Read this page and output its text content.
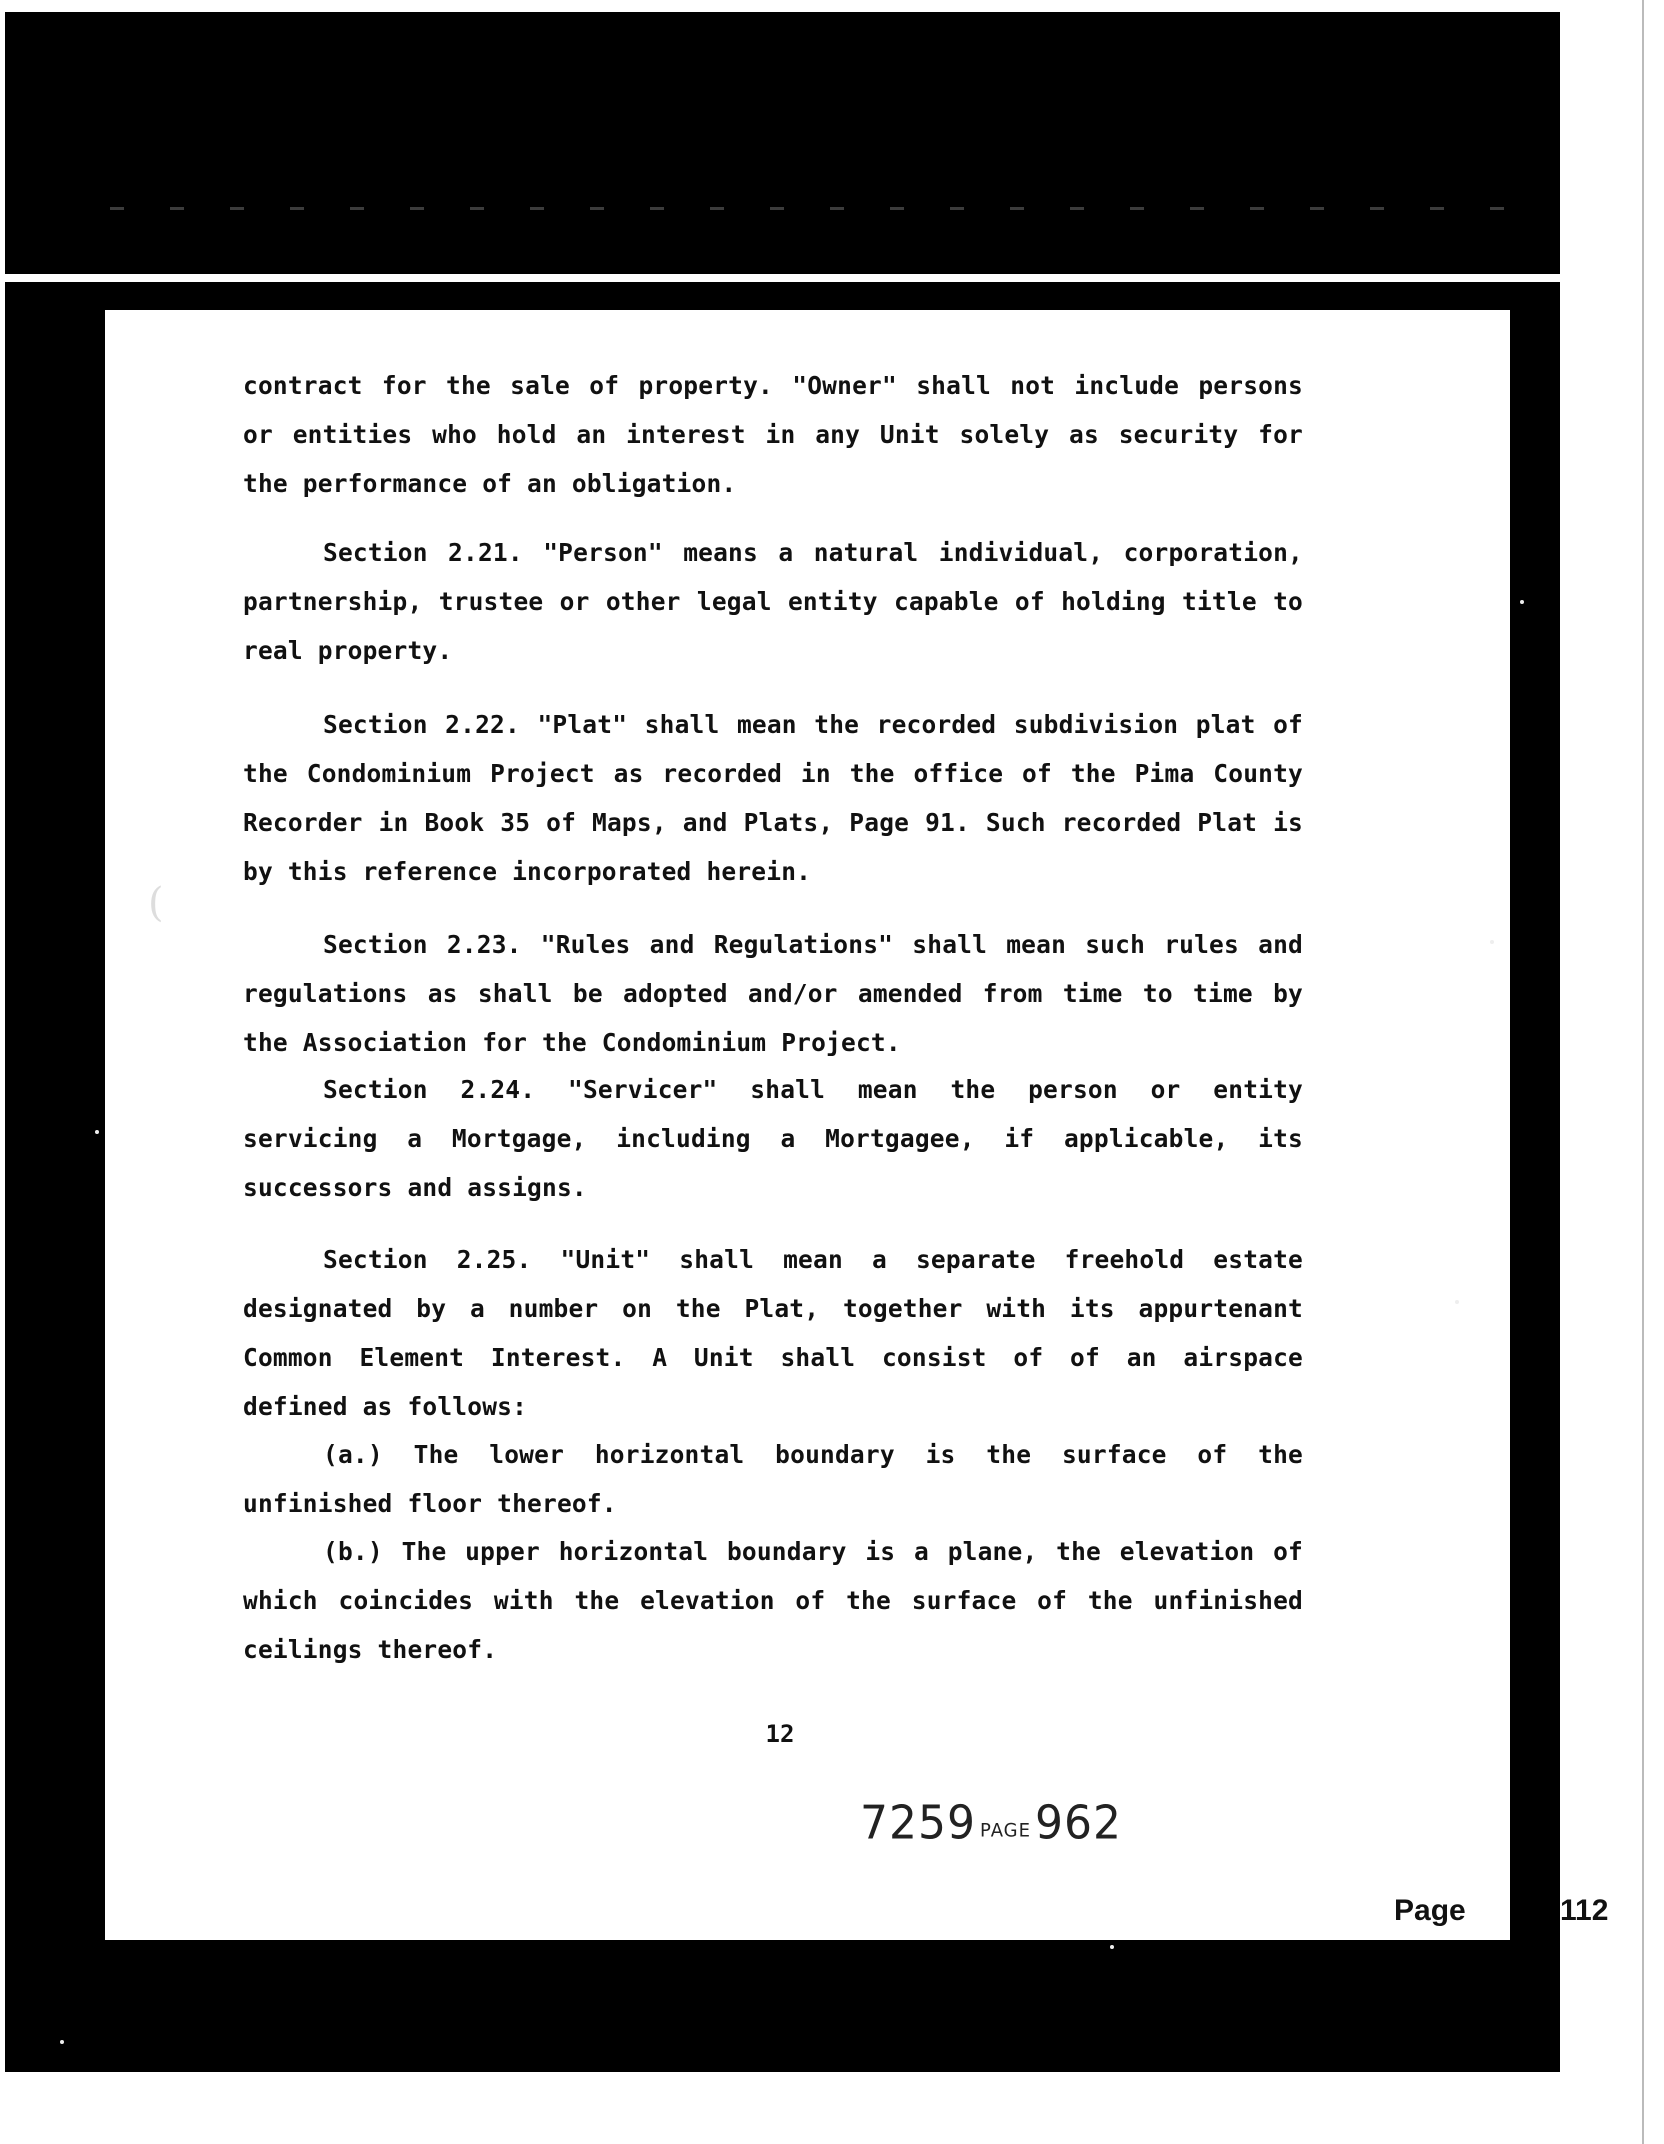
contract for the sale of property. "Owner" shall not include persons or entities who hold an interest in any Unit solely as security for the performance of an obligation.
Section 2.21. "Person" means a natural individual, corporation, partnership, trustee or other legal entity capable of holding title to real property.
Section 2.22. "Plat" shall mean the recorded subdivision plat of the Condominium Project as recorded in the office of the Pima County Recorder in Book 35 of Maps, and Plats, Page 91. Such recorded Plat is by this reference incorporated herein.
Section 2.23. "Rules and Regulations" shall mean such rules and regulations as shall be adopted and/or amended from time to time by the Association for the Condominium Project.
Section 2.24. "Servicer" shall mean the person or entity servicing a Mortgage, including a Mortgagee, if applicable, its successors and assigns.
Section 2.25. "Unit" shall mean a separate freehold estate designated by a number on the Plat, together with its appurtenant Common Element Interest. A Unit shall consist of of an airspace defined as follows:
(a.) The lower horizontal boundary is the surface of the unfinished floor thereof.
(b.) The upper horizontal boundary is a plane, the elevation of which coincides with the elevation of the surface of the unfinished ceilings thereof.
12
7259 PAGE962
Page	112
(
